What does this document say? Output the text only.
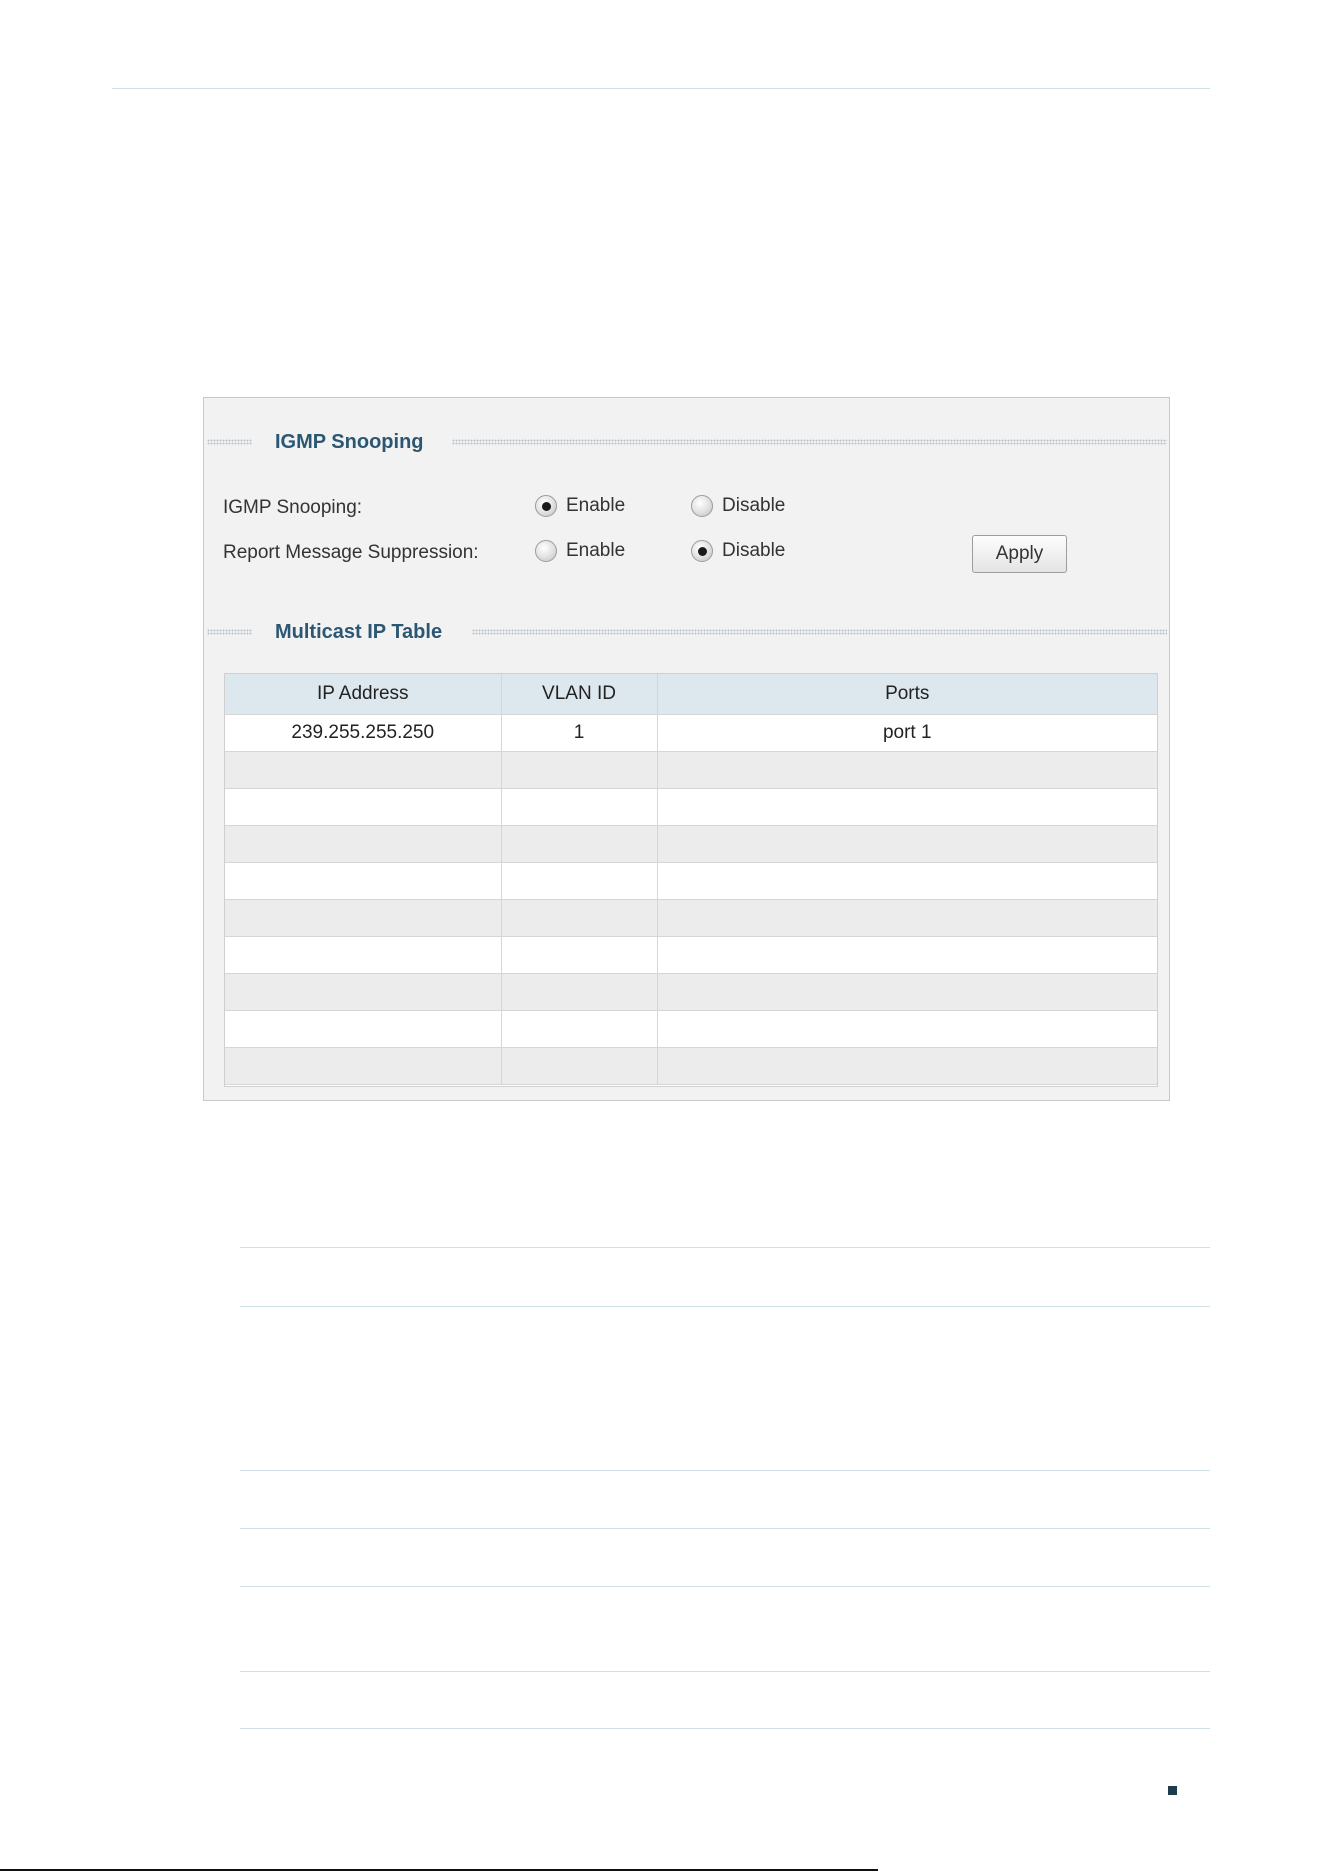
IGMP Snooping
IGMP Snooping:	Enable	Disable
Report Message Suppression:	Enable	Disable	Apply
Multicast IP Table
IP Address	VLAN ID	Ports
239.255.255.250	1	port 1
